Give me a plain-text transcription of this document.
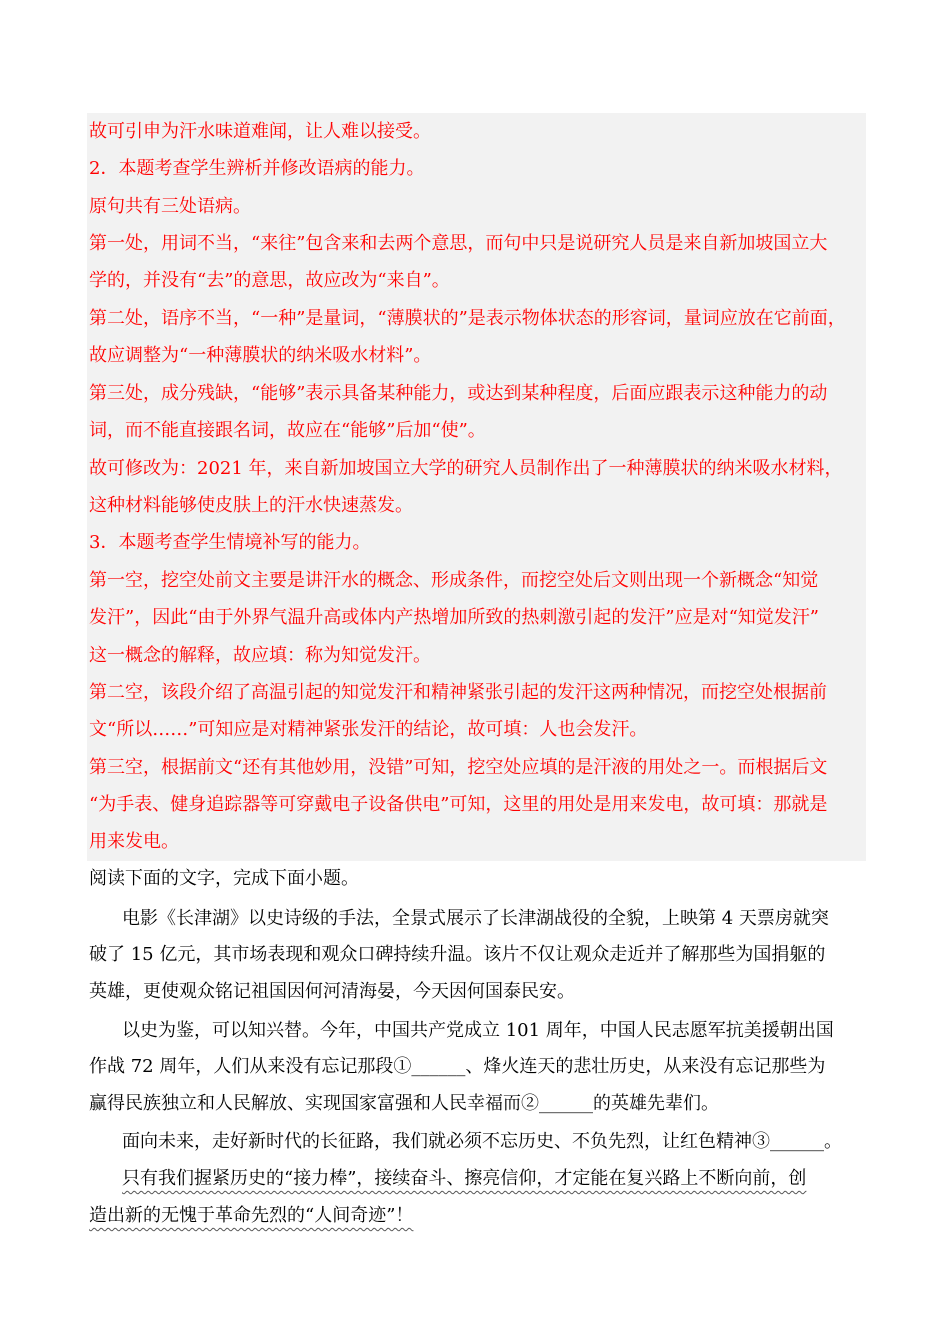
故可引申为汗水味道难闻，让人难以接受。
2．本题考查学生辨析并修改语病的能力。
原句共有三处语病。
第一处，用词不当，“来往”包含来和去两个意思，而句中只是说研究人员是来自新加坡国立大
学的，并没有“去”的意思，故应改为“来自”。
第二处，语序不当，“一种”是量词，“薄膜状的”是表示物体状态的形容词，量词应放在它前面，
故应调整为“一种薄膜状的纳米吸水材料”。
第三处，成分残缺，“能够”表示具备某种能力，或达到某种程度，后面应跟表示这种能力的动
词，而不能直接跟名词，故应在“能够”后加“使”。
故可修改为：2021 年，来自新加坡国立大学的研究人员制作出了一种薄膜状的纳米吸水材料，
这种材料能够使皮肤上的汗水快速蒸发。
3．本题考查学生情境补写的能力。
第一空，挖空处前文主要是讲汗水的概念、形成条件，而挖空处后文则出现一个新概念“知觉
发汗”，因此“由于外界气温升高或体内产热增加所致的热刺激引起的发汗”应是对“知觉发汗”
这一概念的解释，故应填：称为知觉发汗。
第二空，该段介绍了高温引起的知觉发汗和精神紧张引起的发汗这两种情况，而挖空处根据前
文“所以……”可知应是对精神紧张发汗的结论，故可填：人也会发汗。
第三空，根据前文“还有其他妙用，没错”可知，挖空处应填的是汗液的用处之一。而根据后文
“为手表、健身追踪器等可穿戴电子设备供电”可知，这里的用处是用来发电，故可填：那就是
用来发电。
阅读下面的文字，完成下面小题。
电影《长津湖》以史诗级的手法，全景式展示了长津湖战役的全貌，上映第 4 天票房就突
破了 15 亿元，其市场表现和观众口碑持续升温。该片不仅让观众走近并了解那些为国捐躯的
英雄，更使观众铭记祖国因何河清海晏，今天因何国泰民安。
以史为鉴，可以知兴替。今年，中国共产党成立 101 周年，中国人民志愿军抗美援朝出国
作战 72 周年，人们从来没有忘记那段①______、烽火连天的悲壮历史，从来没有忘记那些为
赢得民族独立和人民解放、实现国家富强和人民幸福而②______的英雄先辈们。
面向未来，走好新时代的长征路，我们就必须不忘历史、不负先烈，让红色精神③______。
只有我们握紧历史的“接力棒”，接续奋斗、擦亮信仰，才定能在复兴路上不断向前，创
造出新的无愧于革命先烈的“人间奇迹”！
